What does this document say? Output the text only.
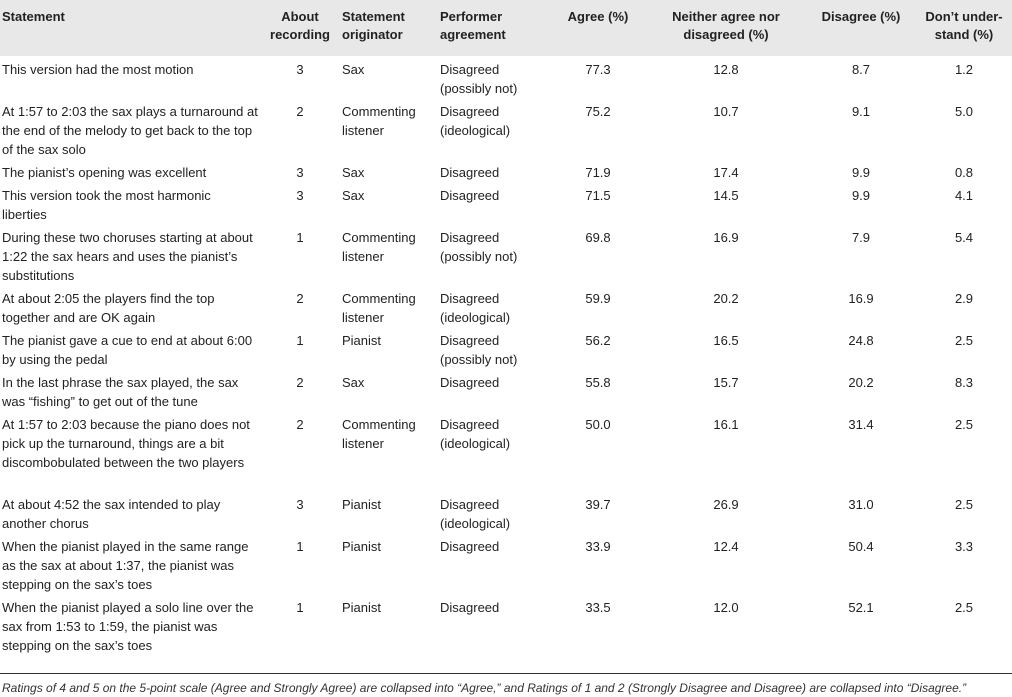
Statement	About recording	Statement originator	Performer agreement	Agree (%)	Neither agree nor disagreed (%)	Disagree (%)	Don’t under-stand (%)
This version had the most motion	3	Sax	Disagreed (possibly not)	77.3	12.8	8.7	1.2
At 1:57 to 2:03 the sax plays a turnaround at the end of the melody to get back to the top of the sax solo	2	Commenting listener	Disagreed (ideological)	75.2	10.7	9.1	5.0
The pianist’s opening was excellent	3	Sax	Disagreed	71.9	17.4	9.9	0.8
This version took the most harmonic liberties	3	Sax	Disagreed	71.5	14.5	9.9	4.1
During these two choruses starting at about 1:22 the sax hears and uses the pianist’s substitutions	1	Commenting listener	Disagreed (possibly not)	69.8	16.9	7.9	5.4
At about 2:05 the players find the top together and are OK again	2	Commenting listener	Disagreed (ideological)	59.9	20.2	16.9	2.9
The pianist gave a cue to end at about 6:00 by using the pedal	1	Pianist	Disagreed (possibly not)	56.2	16.5	24.8	2.5
In the last phrase the sax played, the sax was “fishing” to get out of the tune	2	Sax	Disagreed	55.8	15.7	20.2	8.3
At 1:57 to 2:03 because the piano does not pick up the turnaround, things are a bit discombobulated between the two players	2	Commenting listener	Disagreed (ideological)	50.0	16.1	31.4	2.5
At about 4:52 the sax intended to play another chorus	3	Pianist	Disagreed (ideological)	39.7	26.9	31.0	2.5
When the pianist played in the same range as the sax at about 1:37, the pianist was stepping on the sax’s toes	1	Pianist	Disagreed	33.9	12.4	50.4	3.3
When the pianist played a solo line over the sax from 1:53 to 1:59, the pianist was stepping on the sax’s toes	1	Pianist	Disagreed	33.5	12.0	52.1	2.5
Ratings of 4 and 5 on the 5-point scale (Agree and Strongly Agree) are collapsed into “Agree,” and Ratings of 1 and 2 (Strongly Disagree and Disagree) are collapsed into “Disagree.”
